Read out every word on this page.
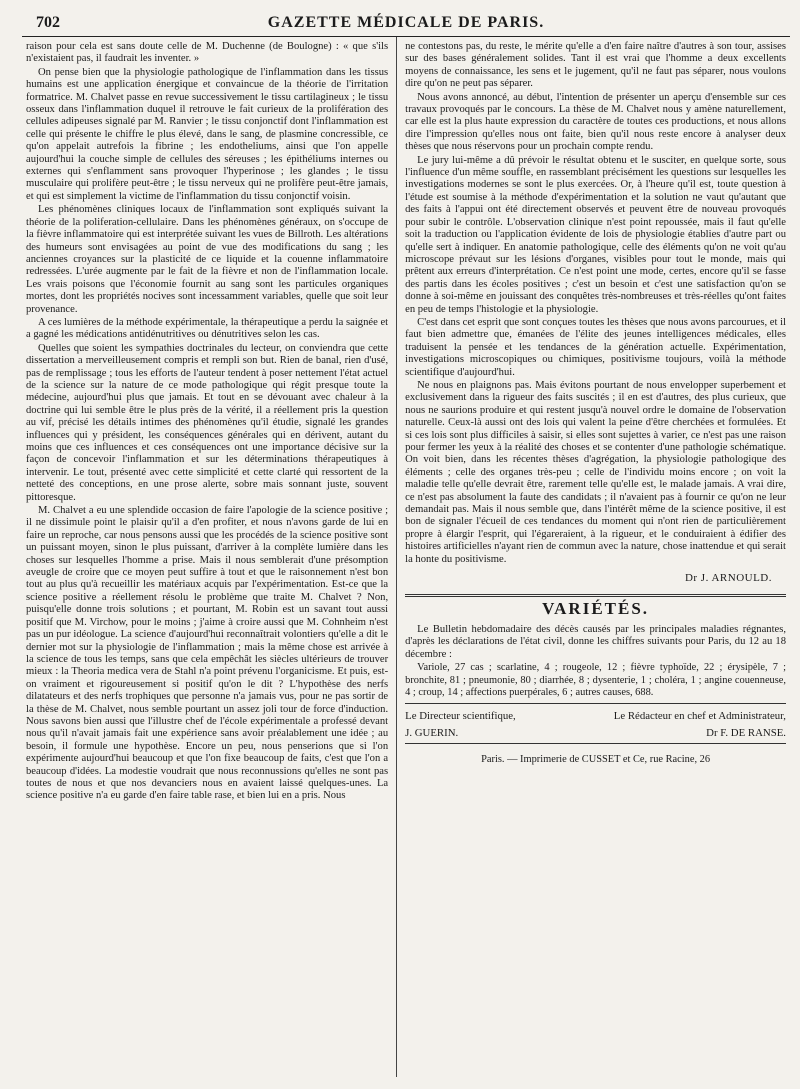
702	GAZETTE MÉDICALE DE PARIS.

raison pour cela est sans doute celle de M. Duchenne (de Boulogne) : « que s'ils n'existaient pas, il faudrait les inventer. »

On pense bien que la physiologie pathologique de l'inflammation dans les tissus humains est une application énergique et convaincue de la théorie de l'irritation formatrice. M. Chalvet passe en revue successivement le tissu cartilagineux ; le tissu osseux dans l'inflammation duquel il retrouve le fait curieux de la prolifération des cellules adipeuses signalé par M. Ranvier ; le tissu conjonctif dont l'inflammation est celle qui présente le chiffre le plus élevé, dans le sang, de plasmine concressible, ce qu'on appelait autrefois la fibrine ; les endotheliums, ainsi que l'on appelle aujourd'hui la couche simple de cellules des séreuses ; les épithéliums internes ou externes qui s'enflamment sans provoquer l'hyperinose ; les glandes ; le tissu musculaire qui prolifère peut-être ; le tissu nerveux qui ne prolifère peut-être jamais, et qui est simplement la victime de l'inflammation du tissu conjonctif voisin.

Les phénomènes cliniques locaux de l'inflammation sont expliqués suivant la théorie de la poliferation-cellulaire. Dans les phénomènes généraux, on s'occupe de la fièvre inflammatoire qui est interprétée suivant les vues de Billroth. Les altérations des humeurs sont envisagées au point de vue des modifications du sang ; les anciennes croyances sur la plasticité de ce liquide et la couenne inflammatoire redressées. L'urée augmente par le fait de la fièvre et non de l'inflammation locale. Les vrais poisons que l'économie fournit au sang sont les particules organiques mortes, dont les propriétés nocives sont incessamment variables, quelle que soit leur provenance.

A ces lumières de la méthode expérimentale, la thérapeutique a perdu la saignée et a gagné les médications antidénutritives ou dénutritives selon les cas.

Quelles que soient les sympathies doctrinales du lecteur, on conviendra que cette dissertation a merveilleusement compris et rempli son but. Rien de banal, rien d'usé, pas de remplissage ; tous les efforts de l'auteur tendent à poser nettement l'état actuel de la science sur la nature de ce mode pathologique qui régit presque toute la médecine, aujourd'hui plus que jamais. Et tout en se dévouant avec chaleur à la doctrine qui lui semble être le plus près de la vérité, il a réellement pris la question au vif, précisé les détails intimes des phénomènes qu'il étudie, signalé les grandes influences qui y président, les conséquences générales qui en dérivent, autant du moins que ces influences et ces conséquences ont une importance décisive sur la façon de concevoir l'inflammation et sur les déterminations thérapeutiques à intervenir. Le tout, présenté avec cette simplicité et cette clarté qui ressortent de la netteté des conceptions, en une prose alerte, sobre mais sonnant juste, souvent pittoresque.

M. Chalvet a eu une splendide occasion de faire l'apologie de la science positive ; il ne dissimule point le plaisir qu'il a d'en profiter, et nous n'avons garde de lui en faire un reproche, car nous pensons aussi que les procédés de la science positive sont un puissant moyen, sinon le plus puissant, d'arriver à la complète lumière dans les choses sur lesquelles l'homme a prise. Mais il nous semblerait d'une présomption aveugle de croire que ce moyen peut suffire à tout et que le raisonnement n'est bon tout au plus qu'à recueillir les matériaux acquis par l'expérimentation. Est-ce que la science positive a réellement résolu le problème que traite M. Chalvet ? Non, puisqu'elle donne trois solutions ; et pourtant, M. Robin est un savant tout aussi positif que M. Virchow, pour le moins ; j'aime à croire aussi que M. Cohnheim n'est pas un pur idéologue. La science d'aujourd'hui reconnaîtrait volontiers qu'elle a dit le dernier mot sur la physiologie de l'inflammation ; mais la même chose est arrivée à la science de tous les temps, sans que cela empêchât les siècles ultérieurs de trouver mieux : la Theoria medica vera de Stahl n'a point prévenu l'organicisme. Et puis, est-on vraiment et rigoureusement si positif qu'on le dit ? L'hypothèse des nerfs dilatateurs et des nerfs trophiques que personne n'a jamais vus, pour ne pas sortir de la thèse de M. Chalvet, nous semble pourtant un assez joli tour de force d'induction. Nous savons bien aussi que l'illustre chef de l'école expérimentale a professé devant nous qu'il n'avait jamais fait une expérience sans avoir préalablement une idée ; au besoin, il formule une hypothèse. Encore un peu, nous penserions que si l'on expérimente aujourd'hui beaucoup et que l'on fixe beaucoup de faits, c'est que l'on a beaucoup d'idées. La modestie voudrait que nous reconnussions qu'elles ne sont pas toutes de nous et que nos devanciers nous en avaient laissé quelques-unes. La science positive n'a eu garde d'en faire table rase, et bien lui en a pris. Nous

ne contestons pas, du reste, le mérite qu'elle a d'en faire naître d'autres à son tour, assises sur des bases généralement solides. Tant il est vrai que l'homme a deux excellents moyens de connaissance, les sens et le jugement, qu'il ne faut pas séparer, nous voulons dire qu'on ne peut pas séparer.

Nous avons annoncé, au début, l'intention de présenter un aperçu d'ensemble sur ces travaux provoqués par le concours. La thèse de M. Chalvet nous y amène naturellement, car elle est la plus haute expression du caractère de toutes ces productions, et nous allons dire l'impression qu'elles nous ont faite, bien qu'il nous reste encore à analyser deux thèses que nous réservons pour un prochain compte rendu.

Le jury lui-même a dû prévoir le résultat obtenu et le susciter, en quelque sorte, sous l'influence d'un même souffle, en rassemblant précisément les questions sur lesquelles les investigations modernes se sont le plus exercées. Or, à l'heure qu'il est, toute question à l'étude est soumise à la méthode d'expérimentation et la solution ne vaut qu'autant que des faits à l'appui ont été directement observés et peuvent être de nouveau provoqués pour subir le contrôle. L'observation clinique n'est point repoussée, mais il faut qu'elle soit la traduction ou l'application évidente de lois de physiologie établies d'autre part ou qu'elle sert à indiquer. En anatomie pathologique, celle des éléments qu'on ne voit qu'au microscope prévaut sur les lésions d'organes, visibles pour tout le monde, mais qui prêtent aux erreurs d'interprétation. Ce n'est point une mode, certes, encore qu'il se fasse des partis dans les écoles positives ; c'est un besoin et c'est une satisfaction qu'on se donne à soi-même en jouissant des conquêtes très-nombreuses et très-réelles qu'ont faites en peu de temps l'histologie et la physiologie.

C'est dans cet esprit que sont conçues toutes les thèses que nous avons parcourues, et il faut bien admettre que, émanées de l'élite des jeunes intelligences médicales, elles traduisent la pensée et les tendances de la génération actuelle. Expérimentation, investigations microscopiques ou chimiques, positivisme toujours, voilà la méthode scientifique d'aujourd'hui.

Ne nous en plaignons pas. Mais évitons pourtant de nous envelopper superbement et exclusivement dans la rigueur des faits suscités ; il en est d'autres, des plus curieux, que nous ne saurions produire et qui restent jusqu'à nouvel ordre le domaine de l'observation naturelle. Ceux-là aussi ont des lois qui valent la peine d'être cherchées et formulées. Et si ces lois sont plus difficiles à saisir, si elles sont sujettes à varier, ce n'est pas une raison pour fermer les yeux à la réalité des choses et se contenter d'une pathologie schématique. On voit bien, dans les récentes thèses d'agrégation, la physiologie pathologique des éléments ; celle des organes très-peu ; celle de l'individu moins encore ; on voit la maladie telle qu'elle devrait être, rarement telle qu'elle est, le malade jamais. A vrai dire, ce n'est pas absolument la faute des candidats ; il n'avaient pas à fournir ce qu'on ne leur demandait pas. Mais il nous semble que, dans l'intérêt même de la science positive, il est bon de signaler l'écueil de ces tendances du moment qui n'ont rien de particulièrement propre à élargir l'esprit, qui l'égareraient, à la rigueur, et le conduiraient à édifier des histoires artificielles n'ayant rien de commun avec la nature, chose inattendue et qui serait la honte du positivisme.

Dr J. ARNOULD.
VARIÉTÉS.

Le Bulletin hebdomadaire des décès causés par les principales maladies régnantes, d'après les déclarations de l'état civil, donne les chiffres suivants pour Paris, du 12 au 18 décembre :

Variole, 27 cas ; scarlatine, 4 ; rougeole, 12 ; fièvre typhoïde, 22 ; érysipèle, 7 ; bronchite, 81 ; pneumonie, 80 ; diarrhée, 8 ; dysenterie, 1 ; choléra, 1 ; angine couenneuse, 4 ; croup, 14 ; affections puerpérales, 6 ; autres causes, 688.

Le Directeur scientifique,
J. GUERIN.
Le Rédacteur en chef et Administrateur,
Dr F. DE RANSE.
Paris. — Imprimerie de CUSSET et Ce, rue Racine, 26
